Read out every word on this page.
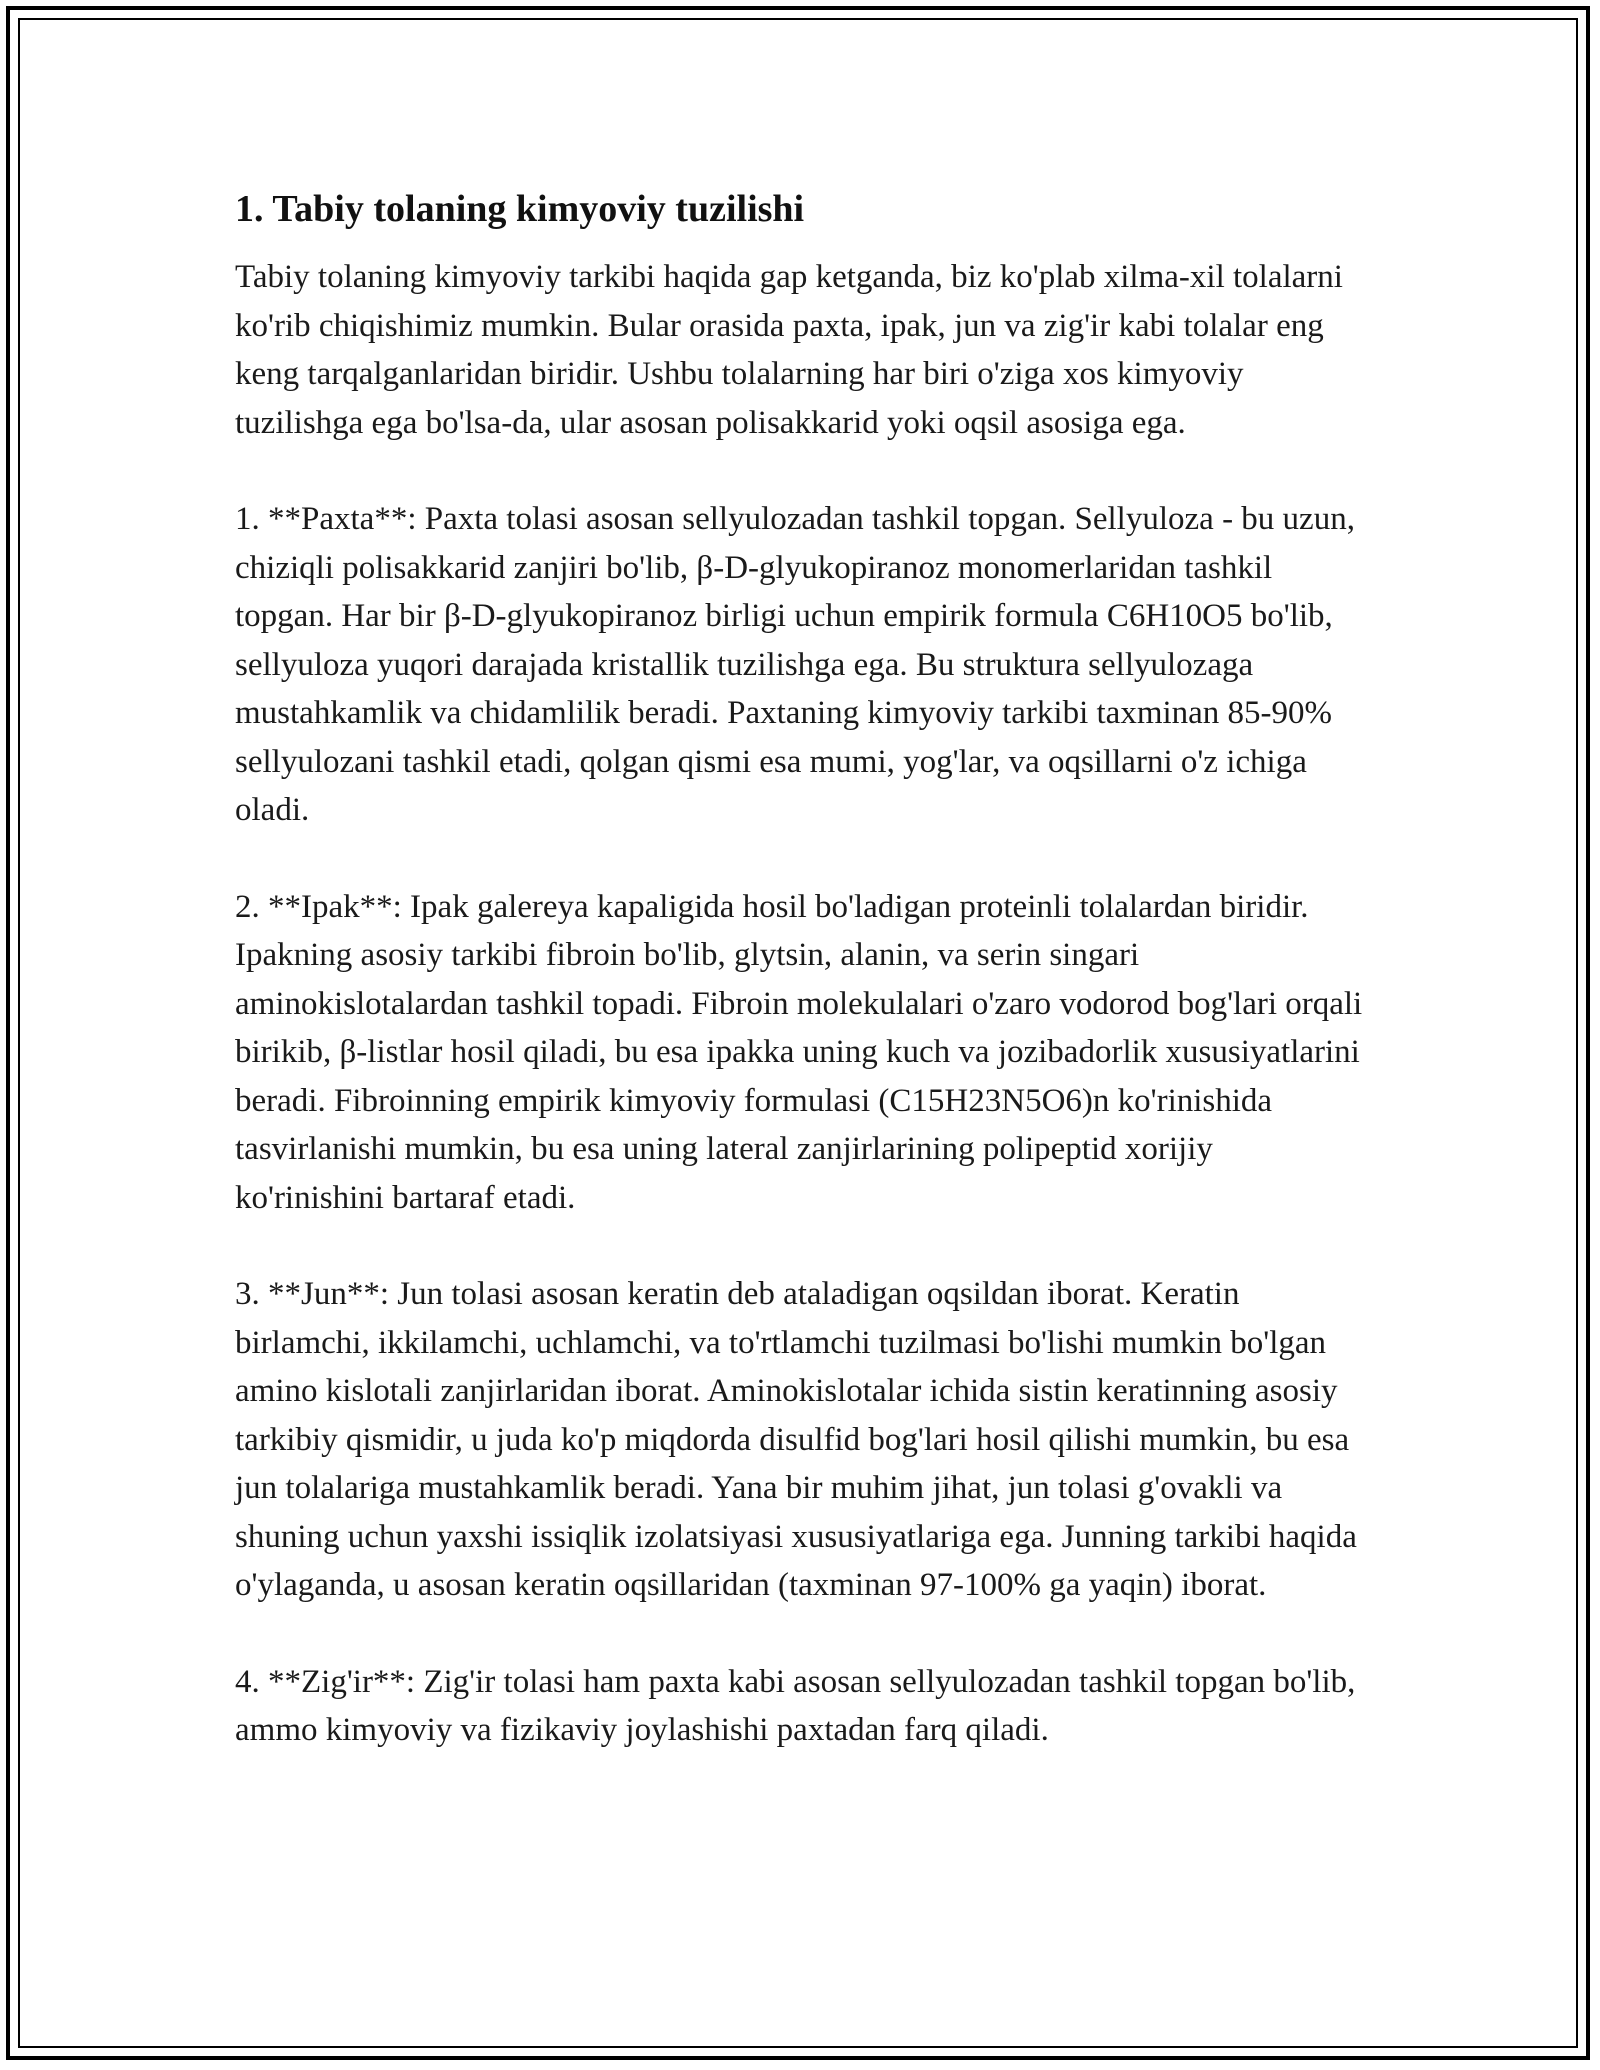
1. Tabiy tolaning kimyoviy tuzilishi

Tabiy tolaning kimyoviy tarkibi haqida gap ketganda, biz ko'plab xilma-xil tolalarni ko'rib chiqishimiz mumkin. Bular orasida paxta, ipak, jun va zig'ir kabi tolalar eng keng tarqalganlaridan biridir. Ushbu tolalarning har biri o'ziga xos kimyoviy tuzilishga ega bo'lsa-da, ular asosan polisakkarid yoki oqsil asosiga ega.

1. **Paxta**: Paxta tolasi asosan sellyulozadan tashkil topgan. Sellyuloza - bu uzun, chiziqli polisakkarid zanjiri bo'lib, β-D-glyukopiranoz monomerlaridan tashkil topgan. Har bir β-D-glyukopiranoz birligi uchun empirik formula C6H10O5 bo'lib, sellyuloza yuqori darajada kristallik tuzilishga ega. Bu struktura sellyulozaga mustahkamlik va chidamlilik beradi. Paxtaning kimyoviy tarkibi taxminan 85-90% sellyulozani tashkil etadi, qolgan qismi esa mumi, yog'lar, va oqsillarni o'z ichiga oladi.

2. **Ipak**: Ipak galereya kapaligida hosil bo'ladigan proteinli tolalardan biridir. Ipakning asosiy tarkibi fibroin bo'lib, glytsin, alanin, va serin singari aminokislotalardan tashkil topadi. Fibroin molekulalari o'zaro vodorod bog'lari orqali birikib, β-listlar hosil qiladi, bu esa ipakka uning kuch va jozibadorlik xususiyatlarini beradi. Fibroinning empirik kimyoviy formulasi (C15H23N5O6)n ko'rinishida tasvirlanishi mumkin, bu esa uning lateral zanjirlarining polipeptid xorijiy ko'rinishini bartaraf etadi.

3. **Jun**: Jun tolasi asosan keratin deb ataladigan oqsildan iborat. Keratin birlamchi, ikkilamchi, uchlamchi, va to'rtlamchi tuzilmasi bo'lishi mumkin bo'lgan amino kislotali zanjirlaridan iborat. Aminokislotalar ichida sistin keratinning asosiy tarkibiy qismidir, u juda ko'p miqdorda disulfid bog'lari hosil qilishi mumkin, bu esa jun tolalariga mustahkamlik beradi. Yana bir muhim jihat, jun tolasi g'ovakli va shuning uchun yaxshi issiqlik izolatsiyasi xususiyatlariga ega. Junning tarkibi haqida o'ylaganda, u asosan keratin oqsillaridan (taxminan 97-100% ga yaqin) iborat.

4. **Zig'ir**: Zig'ir tolasi ham paxta kabi asosan sellyulozadan tashkil topgan bo'lib, ammo kimyoviy va fizikaviy joylashishi paxtadan farq qiladi.
